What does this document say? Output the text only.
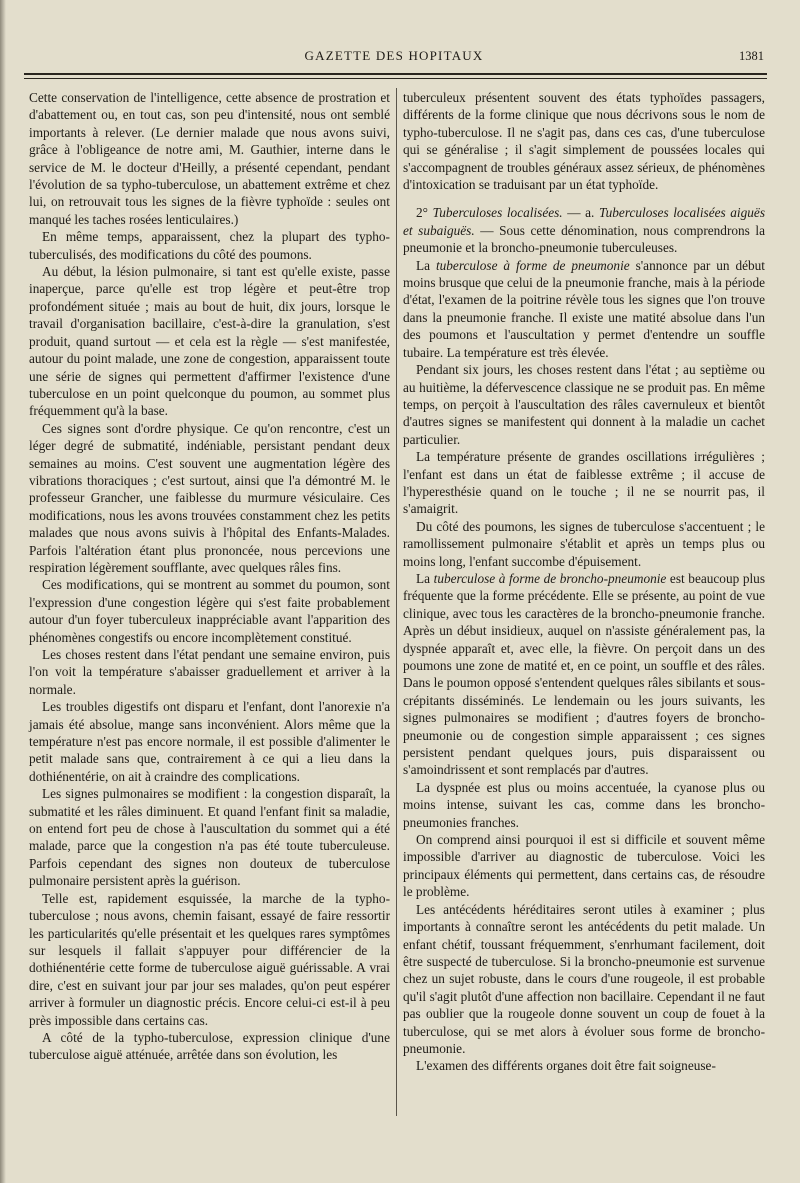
GAZETTE DES HOPITAUX	1381

Cette conservation de l'intelligence, cette absence de prostration et d'abattement ou, en tout cas, son peu d'intensité, nous ont semblé importants à relever. (Le dernier malade que nous avons suivi, grâce à l'obligeance de notre ami, M. Gauthier, interne dans le service de M. le docteur d'Heilly, a présenté cependant, pendant l'évolution de sa typho-tuberculose, un abattement extrême et chez lui, on retrouvait tous les signes de la fièvre typhoïde : seules ont manqué les taches rosées lenticulaires.)

En même temps, apparaissent, chez la plupart des typho-tuberculisés, des modifications du côté des poumons.

Au début, la lésion pulmonaire, si tant est qu'elle existe, passe inaperçue, parce qu'elle est trop légère et peut-être trop profondément située ; mais au bout de huit, dix jours, lorsque le travail d'organisation bacillaire, c'est-à-dire la granulation, s'est produit, quand surtout — et cela est la règle — s'est manifestée, autour du point malade, une zone de congestion, apparaissent toute une série de signes qui permettent d'affirmer l'existence d'une tuberculose en un point quelconque du poumon, au sommet plus fréquemment qu'à la base.

Ces signes sont d'ordre physique. Ce qu'on rencontre, c'est un léger degré de submatité, indéniable, persistant pendant deux semaines au moins. C'est souvent une augmentation légère des vibrations thoraciques ; c'est surtout, ainsi que l'a démontré M. le professeur Grancher, une faiblesse du murmure vésiculaire. Ces modifications, nous les avons trouvées constamment chez les petits malades que nous avons suivis à l'hôpital des Enfants-Malades. Parfois l'altération étant plus prononcée, nous percevions une respiration légèrement soufflante, avec quelques râles fins.

Ces modifications, qui se montrent au sommet du poumon, sont l'expression d'une congestion légère qui s'est faite probablement autour d'un foyer tuberculeux inappréciable avant l'apparition des phénomènes congestifs ou encore incomplètement constitué.

Les choses restent dans l'état pendant une semaine environ, puis l'on voit la température s'abaisser graduellement et arriver à la normale.

Les troubles digestifs ont disparu et l'enfant, dont l'anorexie n'a jamais été absolue, mange sans inconvénient. Alors même que la température n'est pas encore normale, il est possible d'alimenter le petit malade sans que, contrairement à ce qui a lieu dans la dothiénentérie, on ait à craindre des complications.

Les signes pulmonaires se modifient : la congestion disparaît, la submatité et les râles diminuent. Et quand l'enfant finit sa maladie, on entend fort peu de chose à l'auscultation du sommet qui a été malade, parce que la congestion n'a pas été toute tuberculeuse. Parfois cependant des signes non douteux de tuberculose pulmonaire persistent après la guérison.

Telle est, rapidement esquissée, la marche de la typho-tuberculose ; nous avons, chemin faisant, essayé de faire ressortir les particularités qu'elle présentait et les quelques rares symptômes sur lesquels il fallait s'appuyer pour différencier de la dothiénentérie cette forme de tuberculose aiguë guérissable. A vrai dire, c'est en suivant jour par jour ses malades, qu'on peut espérer arriver à formuler un diagnostic précis. Encore celui-ci est-il à peu près impossible dans certains cas.

A côté de la typho-tuberculose, expression clinique d'une tuberculose aiguë atténuée, arrêtée dans son évolution, les

tuberculeux présentent souvent des états typhoïdes passagers, différents de la forme clinique que nous décrivons sous le nom de typho-tuberculose. Il ne s'agit pas, dans ces cas, d'une tuberculose qui se généralise ; il s'agit simplement de poussées locales qui s'accompagnent de troubles généraux assez sérieux, de phénomènes d'intoxication se traduisant par un état typhoïde.

2° Tuberculoses localisées. — a. Tuberculoses localisées aiguës et subaiguës. — Sous cette dénomination, nous comprendrons la pneumonie et la broncho-pneumonie tuberculeuses.

La tuberculose à forme de pneumonie s'annonce par un début moins brusque que celui de la pneumonie franche, mais à la période d'état, l'examen de la poitrine révèle tous les signes que l'on trouve dans la pneumonie franche. Il existe une matité absolue dans l'un des poumons et l'auscultation y permet d'entendre un souffle tubaire. La température est très élevée.

Pendant six jours, les choses restent dans l'état ; au septième ou au huitième, la défervescence classique ne se produit pas. En même temps, on perçoit à l'auscultation des râles cavernuleux et bientôt d'autres signes se manifestent qui donnent à la maladie un cachet particulier.

La température présente de grandes oscillations irrégulières ; l'enfant est dans un état de faiblesse extrême ; il accuse de l'hyperesthésie quand on le touche ; il ne se nourrit pas, il s'amaigrit.

Du côté des poumons, les signes de tuberculose s'accentuent ; le ramollissement pulmonaire s'établit et après un temps plus ou moins long, l'enfant succombe d'épuisement.

La tuberculose à forme de broncho-pneumonie est beaucoup plus fréquente que la forme précédente. Elle se présente, au point de vue clinique, avec tous les caractères de la broncho-pneumonie franche. Après un début insidieux, auquel on n'assiste généralement pas, la dyspnée apparaît et, avec elle, la fièvre. On perçoit dans un des poumons une zone de matité et, en ce point, un souffle et des râles. Dans le poumon opposé s'entendent quelques râles sibilants et sous-crépitants disséminés. Le lendemain ou les jours suivants, les signes pulmonaires se modifient ; d'autres foyers de broncho-pneumonie ou de congestion simple apparaissent ; ces signes persistent pendant quelques jours, puis disparaissent ou s'amoindrissent et sont remplacés par d'autres.

La dyspnée est plus ou moins accentuée, la cyanose plus ou moins intense, suivant les cas, comme dans les broncho-pneumonies franches.

On comprend ainsi pourquoi il est si difficile et souvent même impossible d'arriver au diagnostic de tuberculose. Voici les principaux éléments qui permettent, dans certains cas, de résoudre le problème.

Les antécédents héréditaires seront utiles à examiner ; plus importants à connaître seront les antécédents du petit malade. Un enfant chétif, toussant fréquemment, s'enrhumant facilement, doit être suspecté de tuberculose. Si la broncho-pneumonie est survenue chez un sujet robuste, dans le cours d'une rougeole, il est probable qu'il s'agit plutôt d'une affection non bacillaire. Cependant il ne faut pas oublier que la rougeole donne souvent un coup de fouet à la tuberculose, qui se met alors à évoluer sous forme de broncho-pneumonie.

L'examen des différents organes doit être fait soigneuse-
